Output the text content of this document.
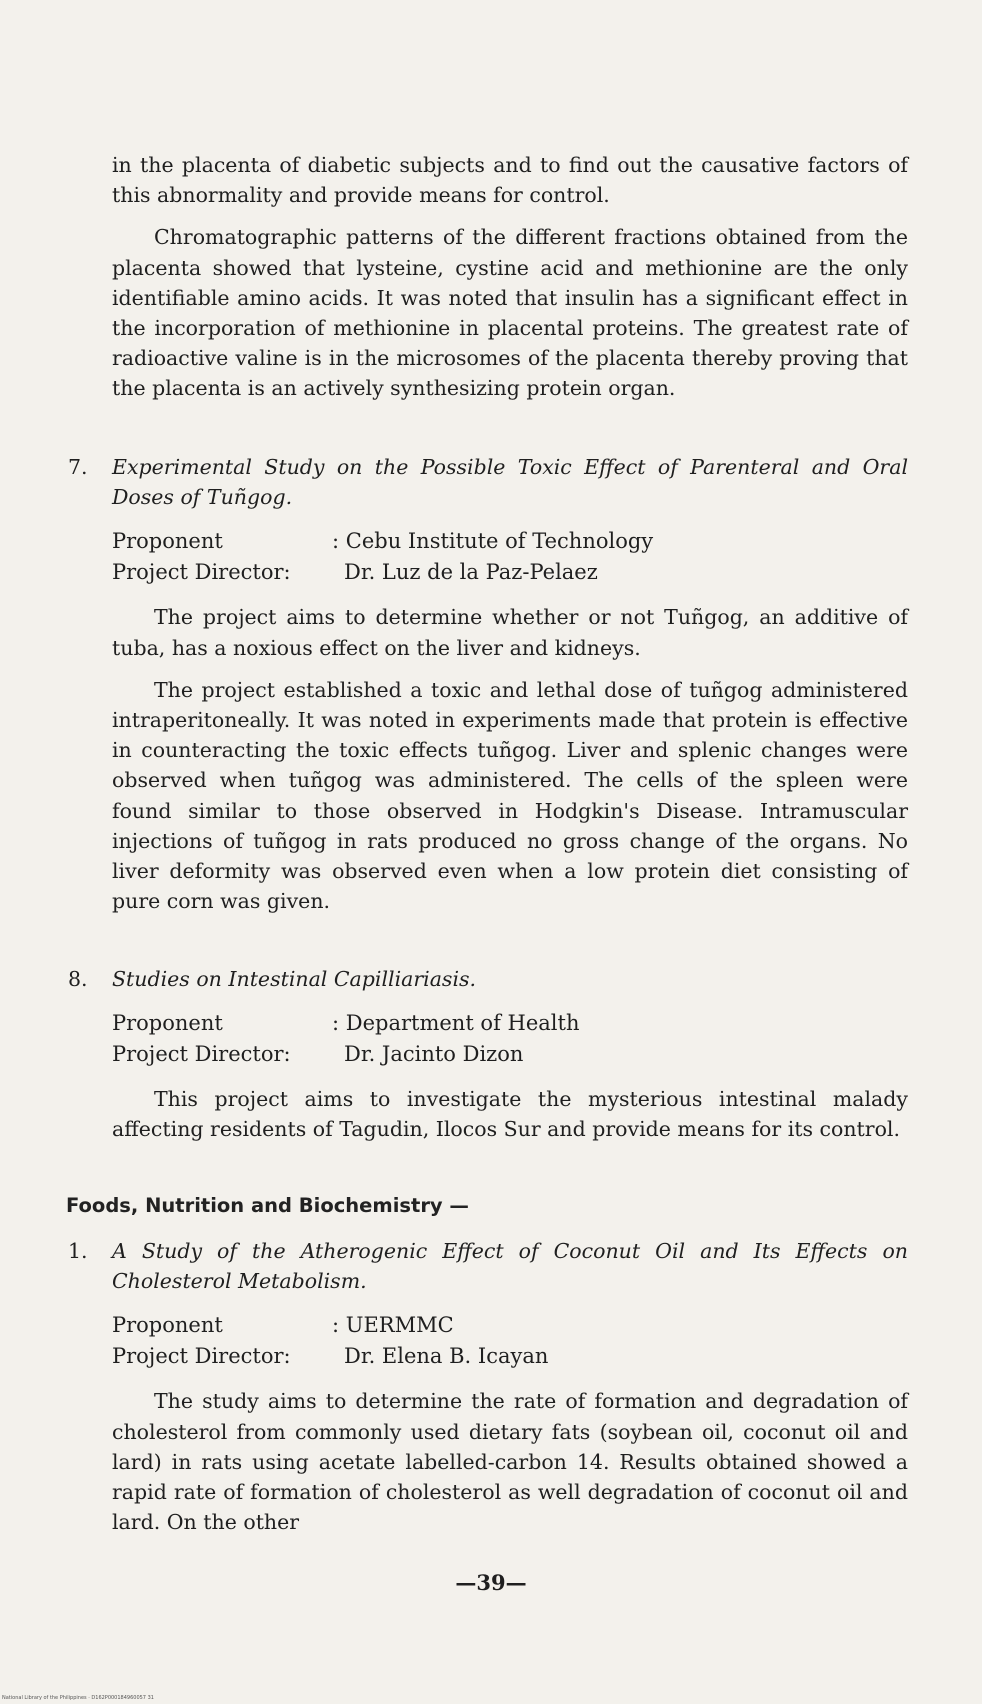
in the placenta of diabetic subjects and to find out the causative factors of this abnormality and provide means for control.

Chromatographic patterns of the different fractions obtained from the placenta showed that lysteine, cystine acid and methionine are the only identifiable amino acids. It was noted that insulin has a significant effect in the incorporation of methionine in placental proteins. The greatest rate of radioactive valine is in the microsomes of the placenta thereby proving that the placenta is an actively synthesizing protein organ.

7. Experimental Study on the Possible Toxic Effect of Parenteral and Oral Doses of Tuñgog.
Proponent	: Cebu Institute of Technology
Project Director:	Dr. Luz de la Paz-Pelaez

The project aims to determine whether or not Tuñgog, an additive of tuba, has a noxious effect on the liver and kidneys.

The project established a toxic and lethal dose of tuñgog administered intraperitoneally. It was noted in experiments made that protein is effective in counteracting the toxic effects tuñgog. Liver and splenic changes were observed when tuñgog was administered. The cells of the spleen were found similar to those observed in Hodgkin's Disease. Intramuscular injections of tuñgog in rats produced no gross change of the organs. No liver deformity was observed even when a low protein diet consisting of pure corn was given.

8. Studies on Intestinal Capilliariasis.
Proponent	: Department of Health
Project Director:	Dr. Jacinto Dizon

This project aims to investigate the mysterious intestinal malady affecting residents of Tagudin, Ilocos Sur and provide means for its control.

Foods, Nutrition and Biochemistry —
1. A Study of the Atherogenic Effect of Coconut Oil and Its Effects on Cholesterol Metabolism.
Proponent	: UERMMC
Project Director:	Dr. Elena B. Icayan

The study aims to determine the rate of formation and degradation of cholesterol from commonly used dietary fats (soybean oil, coconut oil and lard) in rats using acetate labelled-carbon 14. Results obtained showed a rapid rate of formation of cholesterol as well degradation of coconut oil and lard. On the other

—39—
National Library of the Philippines · D162P000184960057 31
